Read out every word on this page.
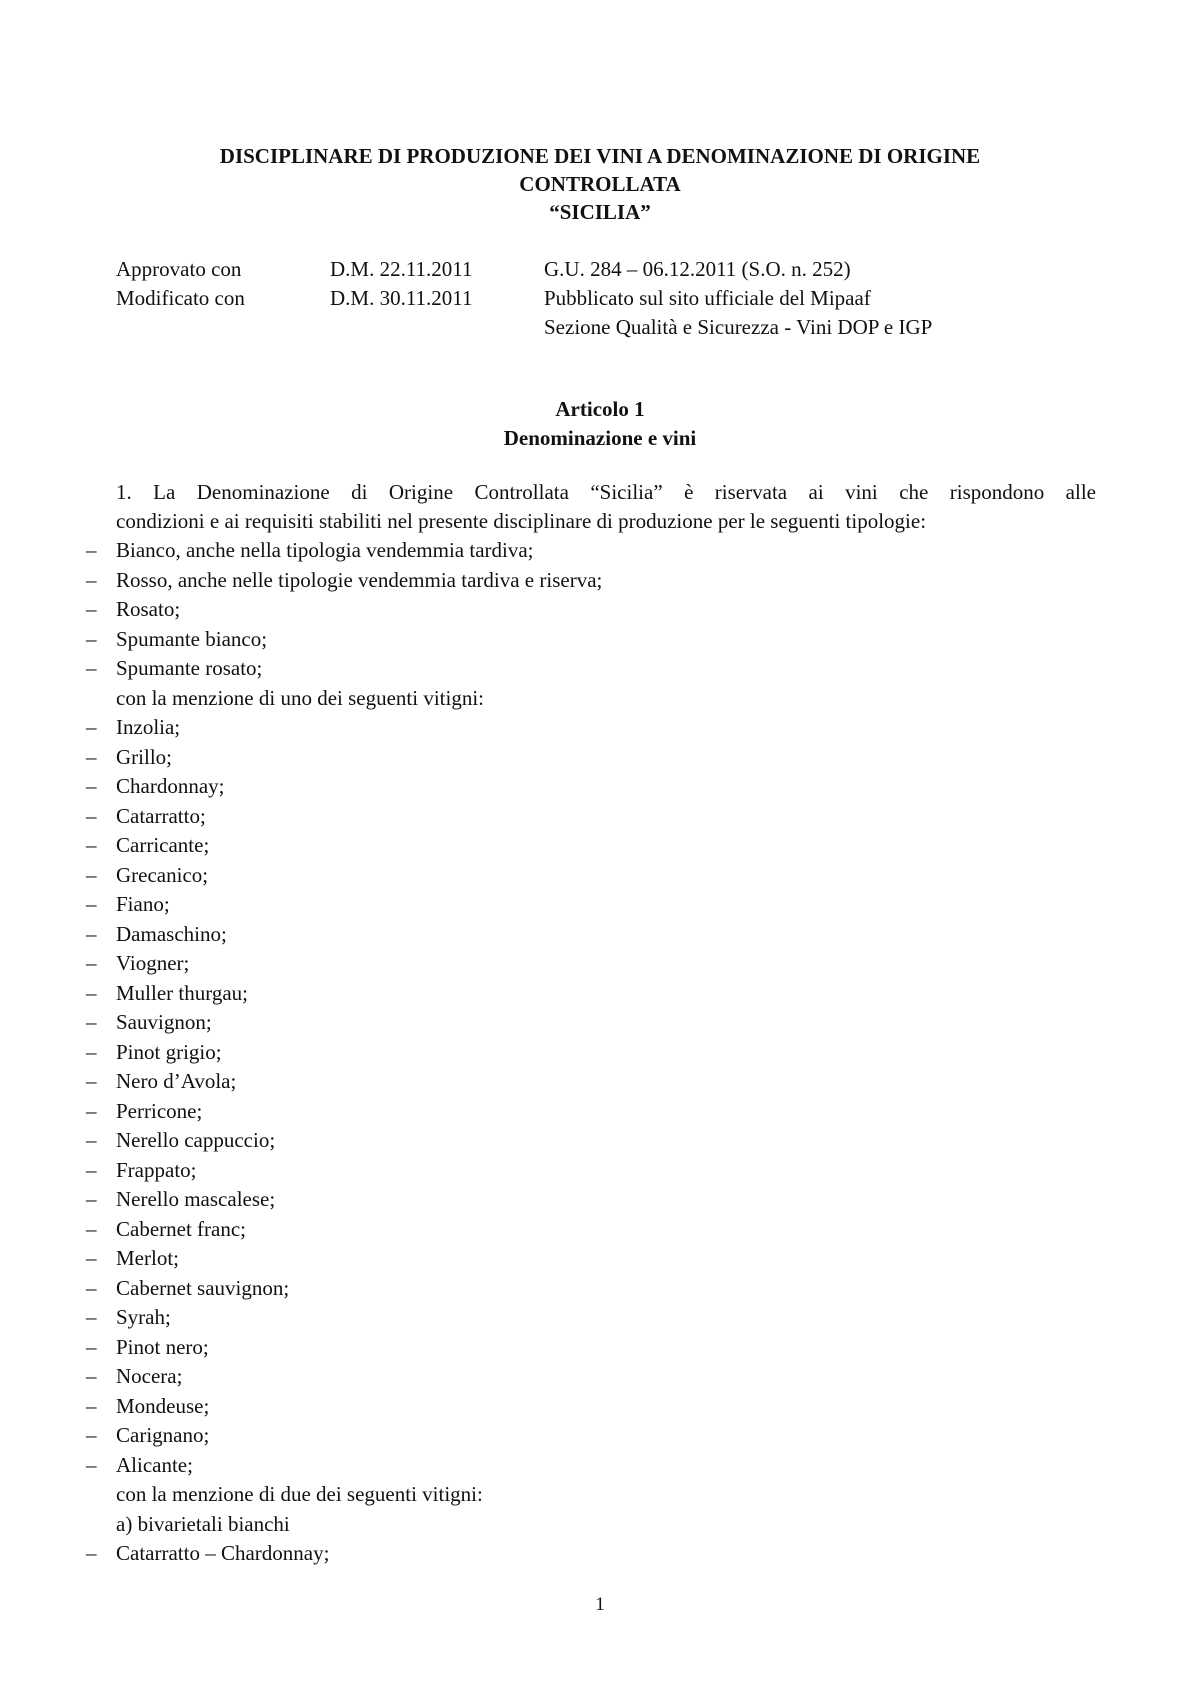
DISCIPLINARE DI PRODUZIONE DEI VINI A DENOMINAZIONE DI ORIGINE
CONTROLLATA
“SICILIA”
Approvato con	D.M. 22.11.2011	G.U. 284 – 06.12.2011 (S.O. n. 252)
Modificato con	D.M. 30.11.2011	Pubblicato sul sito ufficiale del Mipaaf
Sezione Qualità e Sicurezza - Vini DOP e IGP
Articolo 1
Denominazione e vini
1. La Denominazione di Origine Controllata “Sicilia” è riservata ai vini che rispondono alle
condizioni e ai requisiti stabiliti nel presente disciplinare di produzione per le seguenti tipologie:
– Bianco, anche nella tipologia vendemmia tardiva;
– Rosso, anche nelle tipologie vendemmia tardiva e riserva;
– Rosato;
– Spumante bianco;
– Spumante rosato;
con la menzione di uno dei seguenti vitigni:
– Inzolia;
– Grillo;
– Chardonnay;
– Catarratto;
– Carricante;
– Grecanico;
– Fiano;
– Damaschino;
– Viogner;
– Muller thurgau;
– Sauvignon;
– Pinot grigio;
– Nero d’Avola;
– Perricone;
– Nerello cappuccio;
– Frappato;
– Nerello mascalese;
– Cabernet franc;
– Merlot;
– Cabernet sauvignon;
– Syrah;
– Pinot nero;
– Nocera;
– Mondeuse;
– Carignano;
– Alicante;
con la menzione di due dei seguenti vitigni:
a) bivarietali bianchi
– Catarratto – Chardonnay;
1
